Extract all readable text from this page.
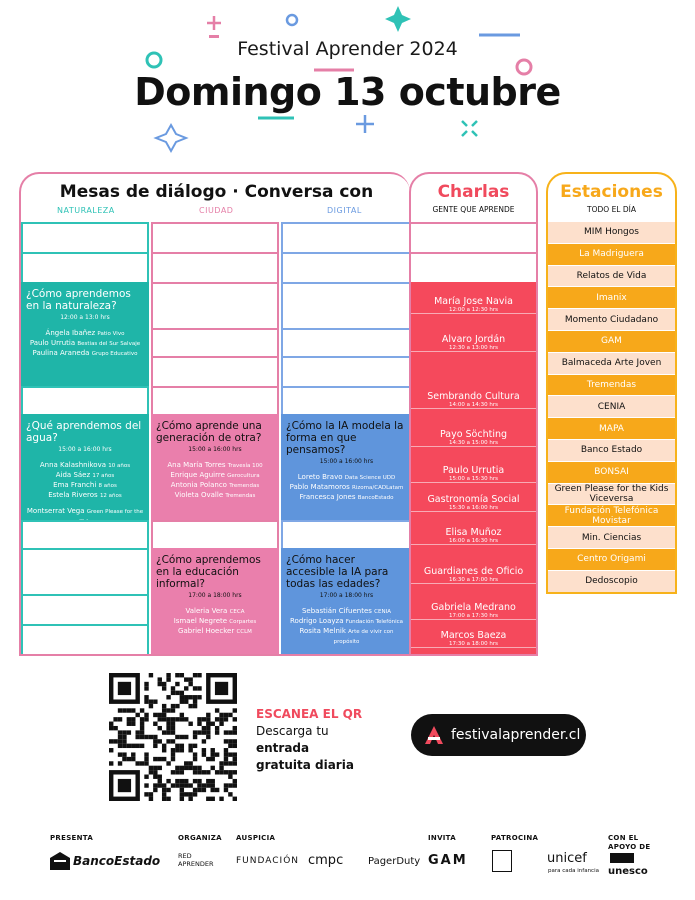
Festival Aprender 2024
Domingo 13 octubre
Mesas de diálogo · Conversa con
NATURALEZA	CIUDAD	DIGITAL
¿Cómo aprendemos en la naturaleza?
12:00 a 13:0 hrs
Ángela Ibañez Patio Vivo
Paulo Urrutia Bestias del Sur Salvaje
Paulina Araneda Grupo Educativo
¿Qué aprendemos del agua?
15:00 a 16:00 hrs
Anna Kalashnikova 10 años
Aida Sáez 17 años
Ema Franchi 8 años
Estela Riveros 12 años
Montserrat Vega Green Please for the
¿Cómo aprende una generación de otra?
15:00 a 16:00 hrs
Ana María Torres Travesía 100
Enrique Aguirre Gerocultura
Antonia Polanco Tremendas
Violeta Ovalle Tremendas
¿Cómo aprendemos en la educación informal?
17:00 a 18:00 hrs
Valeria Vera CECA
Ismael Negrete Corpartes
Gabriel Hoecker CCLM
¿Cómo la IA modela la forma en que pensamos?
15:00 a 16:00 hrs
Loreto Bravo Data Science UDD
Pablo Matamoros Rizoma/CADLatam
Francesca Jones BancoEstado
¿Cómo hacer accesible la IA para todas las edades?
17:00 a 18:00 hrs
Sebastián Cifuentes CENIA
Rodrigo Loayza Fundación Telefónica
Rosita Melnik Arte de vivir con propósito
Charlas
GENTE QUE APRENDE
María Jose Navia
12:00 a 12:30 hrs
Alvaro Jordán
12:30 a 13:00 hrs
Sembrando Cultura
14:00 a 14:30 hrs
Payo Söchting
14:30 a 15:00 hrs
Paulo Urrutia
15:00 a 15:30 hrs
Gastronomía Social
15:30 a 16:00 hrs
Elisa Muñoz
16:00 a 16:30 hrs
Guardianes de Oficio
16:30 a 17:00 hrs
Gabriela Medrano
17:00 a 17:30 hrs
Marcos Baeza
17:30 a 18:00 hrs
Estaciones
TODO EL DÍA
MIM Hongos
La Madriguera
Relatos de Vida
Imanix
Momento Ciudadano
GAM
Balmaceda Arte Joven
Tremendas
CENIA
MAPA
Banco Estado
BONSAI
Green Please for the Kids Viceversa
Fundación Telefónica Movistar
Min. Ciencias
Centro Origami
Dedoscopio
ESCANEA EL QR
Descarga tu
entrada
gratuita diaria
festivalaprender.cl
PRESENTA	ORGANIZA AUSPICIA	INVITA	PATROCINA	CON EL APOYO DE
BancoEstado	RED APRENDER	FUNDACIÓN cmpc PagerDuty GAM	unicef
para cada infancia unesco
